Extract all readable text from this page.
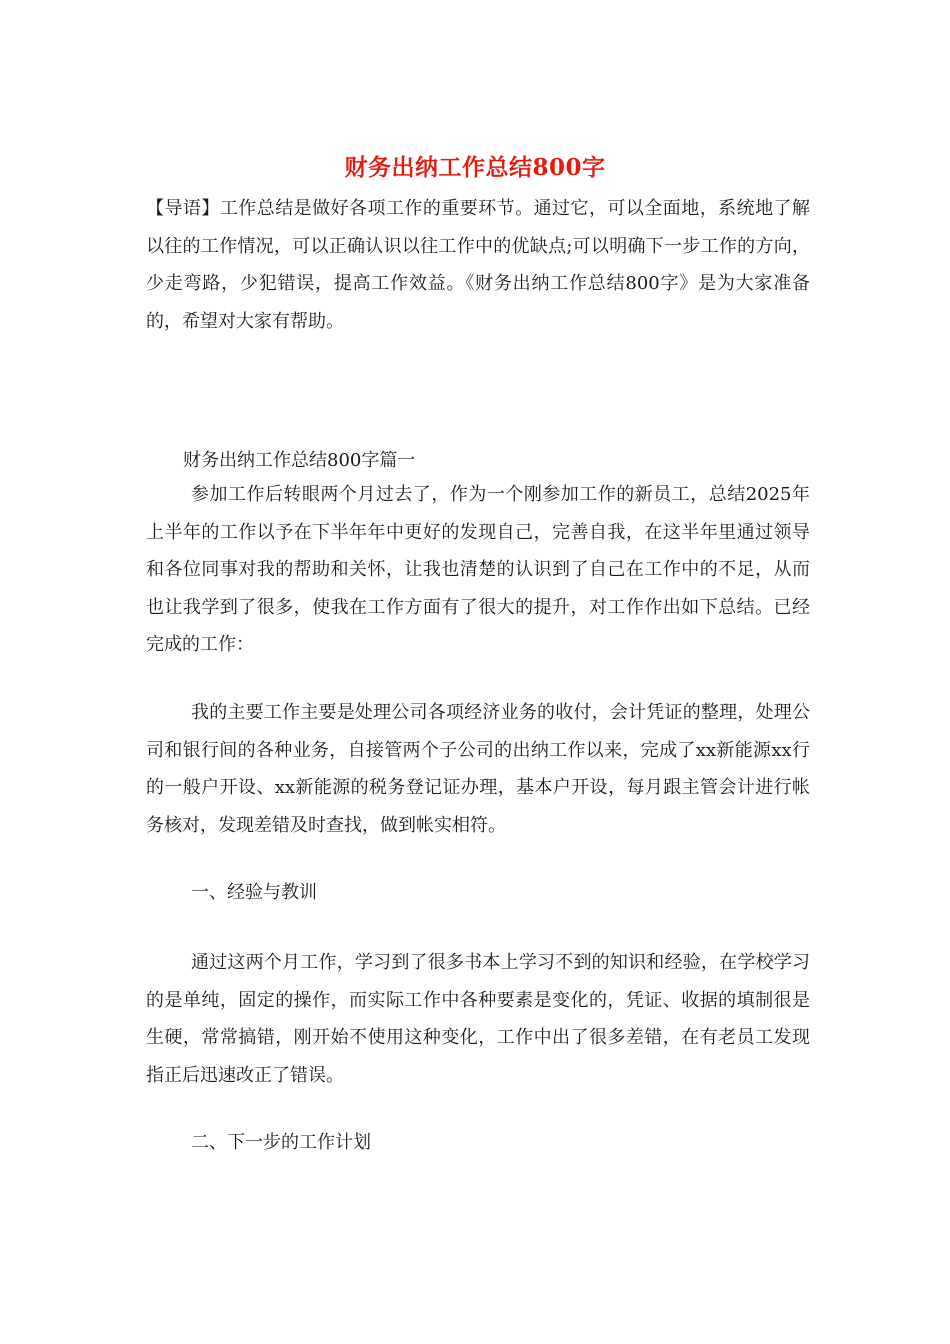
财务出纳工作总结800字

【导语】工作总结是做好各项工作的重要环节。通过它，可以全面地，系统地了解以往的工作情况，可以正确认识以往工作中的优缺点;可以明确下一步工作的方向，少走弯路，少犯错误，提高工作效益。《财务出纳工作总结800字》是为大家准备的，希望对大家有帮助。

财务出纳工作总结800字篇一

参加工作后转眼两个月过去了，作为一个刚参加工作的新员工，总结2025年上半年的工作以予在下半年年中更好的发现自己，完善自我，在这半年里通过领导和各位同事对我的帮助和关怀，让我也清楚的认识到了自己在工作中的不足，从而也让我学到了很多，使我在工作方面有了很大的提升，对工作作出如下总结。已经完成的工作：

我的主要工作主要是处理公司各项经济业务的收付，会计凭证的整理，处理公司和银行间的各种业务，自接管两个子公司的出纳工作以来，完成了xx新能源xx行的一般户开设、xx新能源的税务登记证办理，基本户开设，每月跟主管会计进行帐务核对，发现差错及时查找，做到帐实相符。

一、经验与教训

通过这两个月工作，学习到了很多书本上学习不到的知识和经验，在学校学习的是单纯，固定的操作，而实际工作中各种要素是变化的，凭证、收据的填制很是生硬，常常搞错，刚开始不使用这种变化，工作中出了很多差错，在有老员工发现指正后迅速改正了错误。

二、下一步的工作计划
